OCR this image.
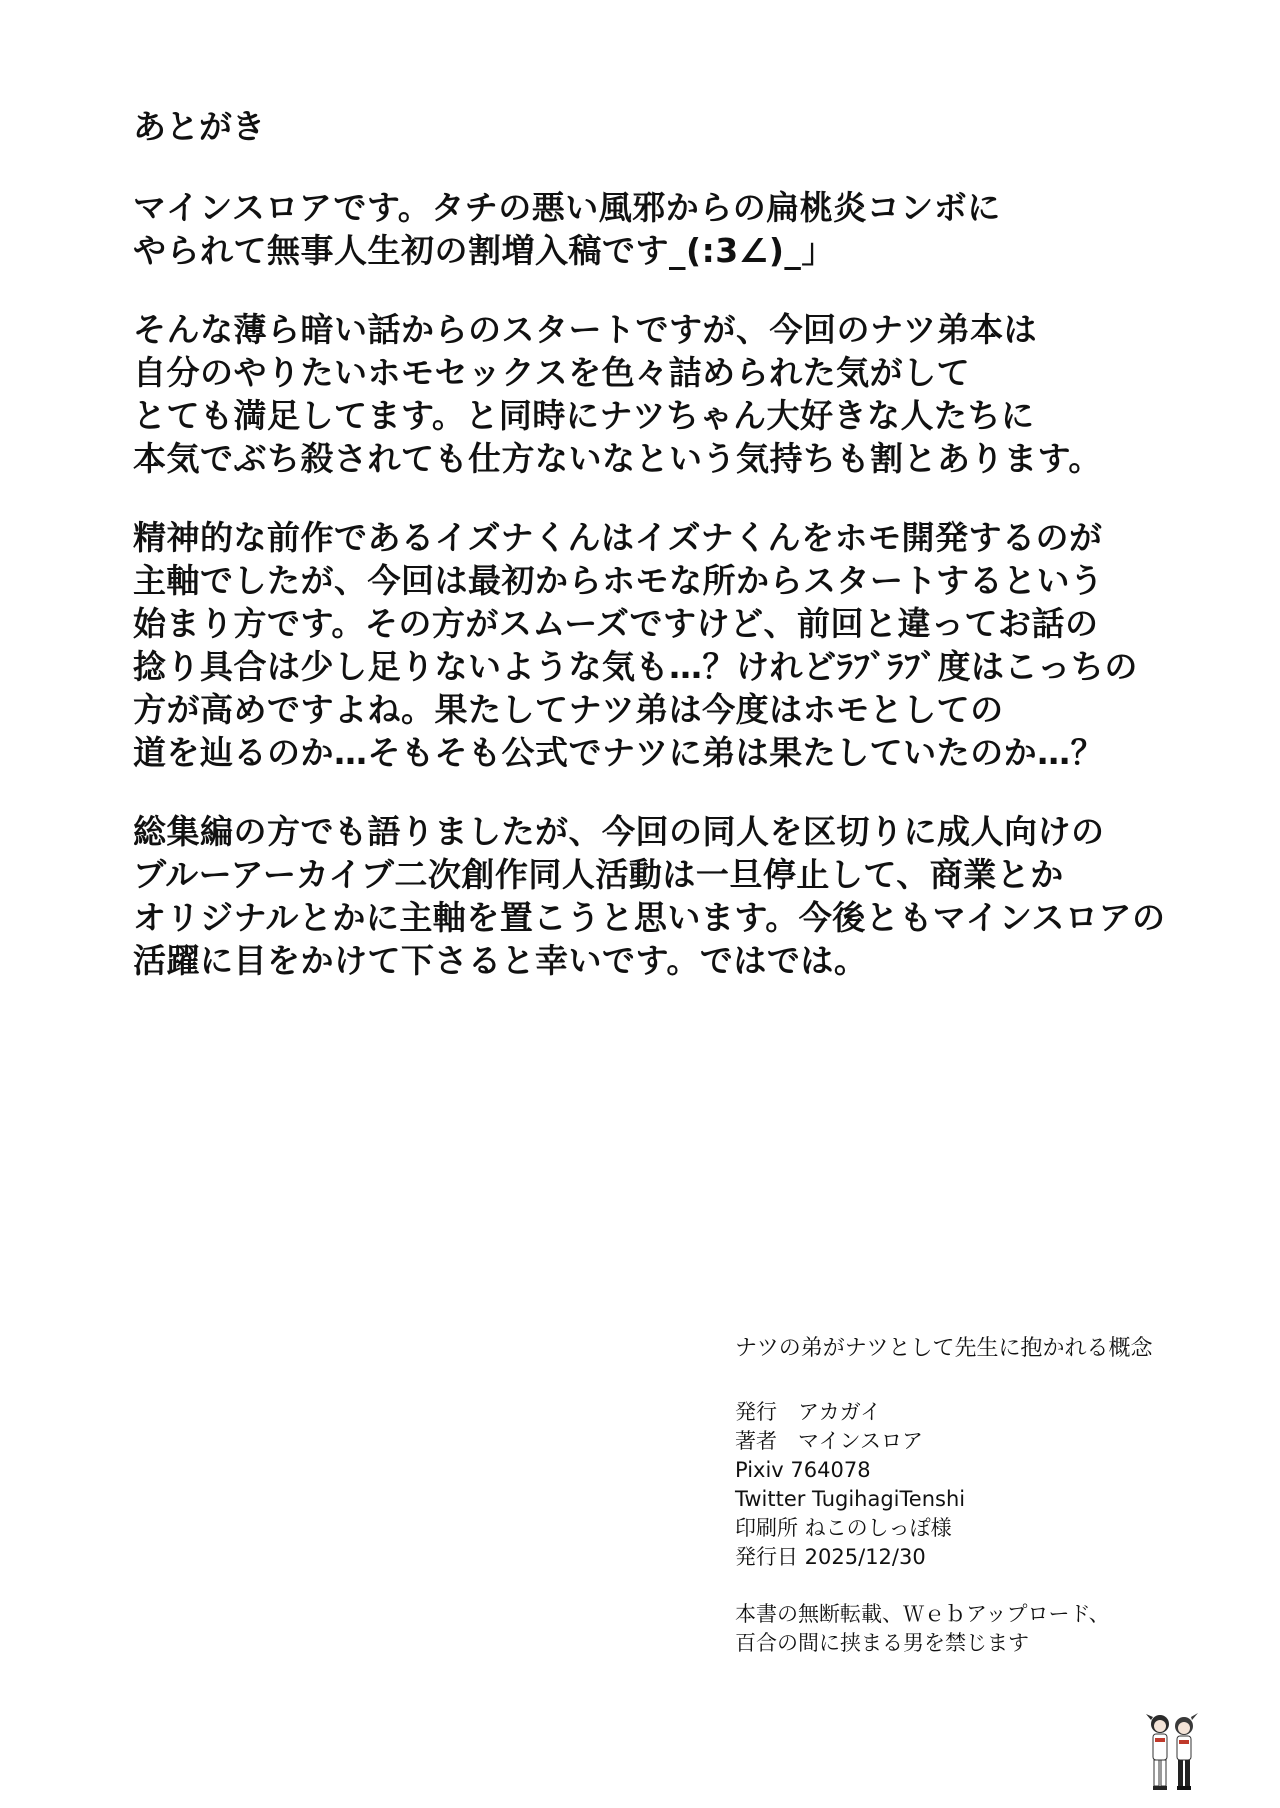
あとがき
マインスロアです。タチの悪い風邪からの扁桃炎コンボに
やられて無事人生初の割増入稿です_(:3∠)_」
そんな薄ら暗い話からのスタートですが、今回のナツ弟本は
自分のやりたいホモセックスを色々詰められた気がして
とても満足してます。と同時にナツちゃん大好きな人たちに
本気でぶち殺されても仕方ないなという気持ちも割とあります。
精神的な前作であるイズナくんはイズナくんをホモ開発するのが
主軸でしたが、今回は最初からホモな所からスタートするという
始まり方です。その方がスムーズですけど、前回と違ってお話の
捻り具合は少し足りないような気も…？けれどﾗﾌﾞﾗﾌﾞ度はこっちの
方が高めですよね。果たしてナツ弟は今度はホモとしての
道を辿るのか…そもそも公式でナツに弟は果たしていたのか…？
総集編の方でも語りましたが、今回の同人を区切りに成人向けの
ブルーアーカイブ二次創作同人活動は一旦停止して、商業とか
オリジナルとかに主軸を置こうと思います。今後ともマインスロアの
活躍に目をかけて下さると幸いです。ではでは。
ナツの弟がナツとして先生に抱かれる概念
発行　アカガイ
著者　マインスロア
Pixiv 764078
Twitter TugihagiTenshi
印刷所 ねこのしっぽ様
発行日 2025/12/30
本書の無断転載、Ｗｅｂアップロード、
百合の間に挟まる男を禁じます
